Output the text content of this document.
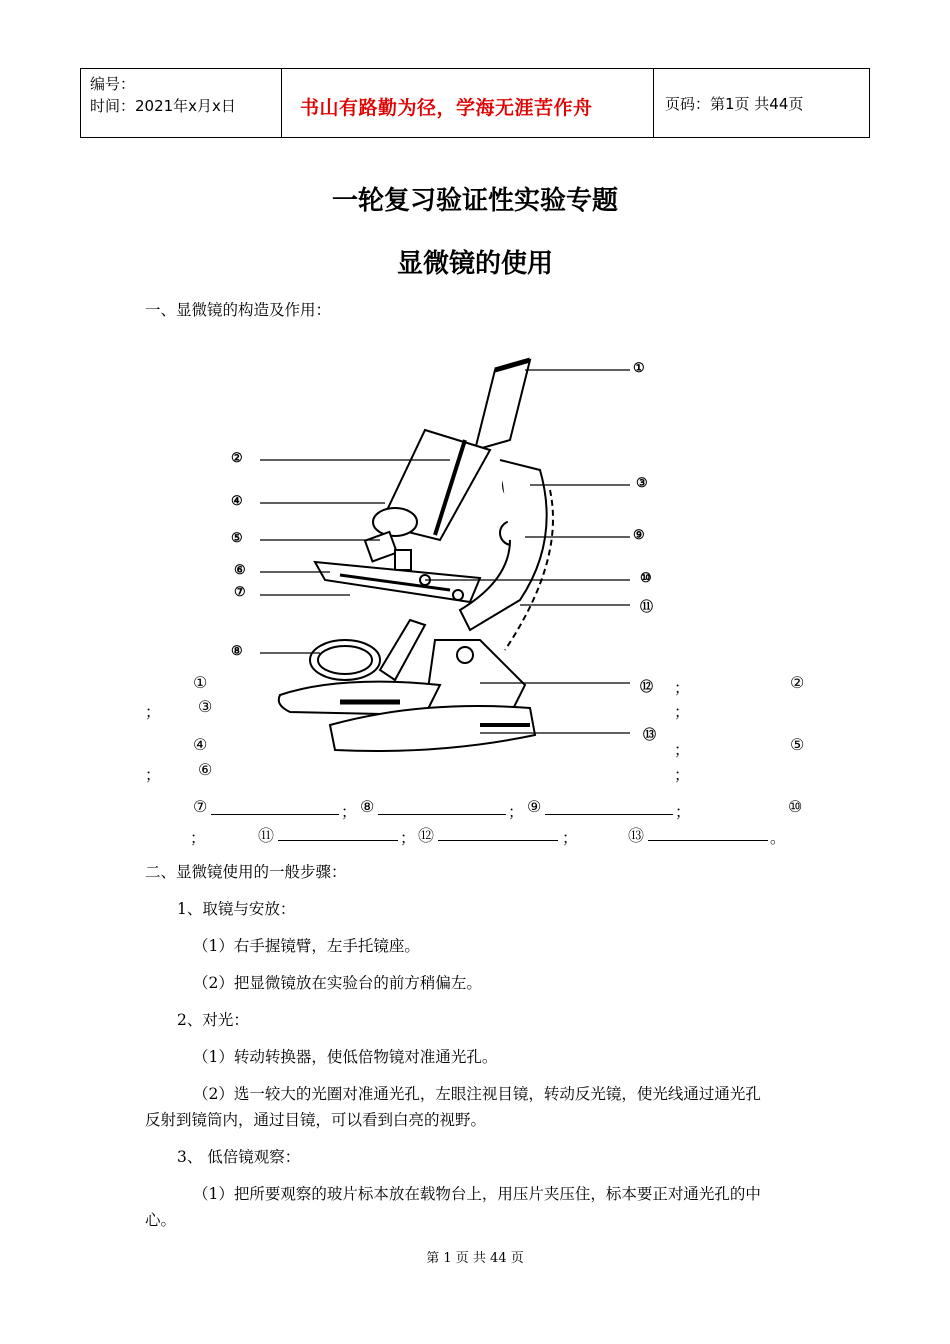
编号：
时间：2021年x月x日	书山有路勤为径，学海无涯苦作舟	页码：第1页 共44页
一轮复习验证性实验专题
显微镜的使用
一、显微镜的构造及作用：
①
②
③
④
⑤
⑥
⑦
⑧
⑨
⑩
⑪
⑫
⑬
①	；	②
； ③	；
④	；	⑤
； ⑥	；
⑦	； ⑧	； ⑨	；	⑩
；	⑪	； ⑫	；	⑬	。
二、显微镜使用的一般步骤：
1、取镜与安放：
（1）右手握镜臂，左手托镜座。
（2）把显微镜放在实验台的前方稍偏左。
2、对光：
（1）转动转换器，使低倍物镜对准通光孔。
（2）选一较大的光圈对准通光孔，左眼注视目镜，转动反光镜，使光线通过通光孔
反射到镜筒内，通过目镜，可以看到白亮的视野。
3、 低倍镜观察：
（1）把所要观察的玻片标本放在载物台上，用压片夹压住，标本要正对通光孔的中
心。
第 1 页 共 44 页
